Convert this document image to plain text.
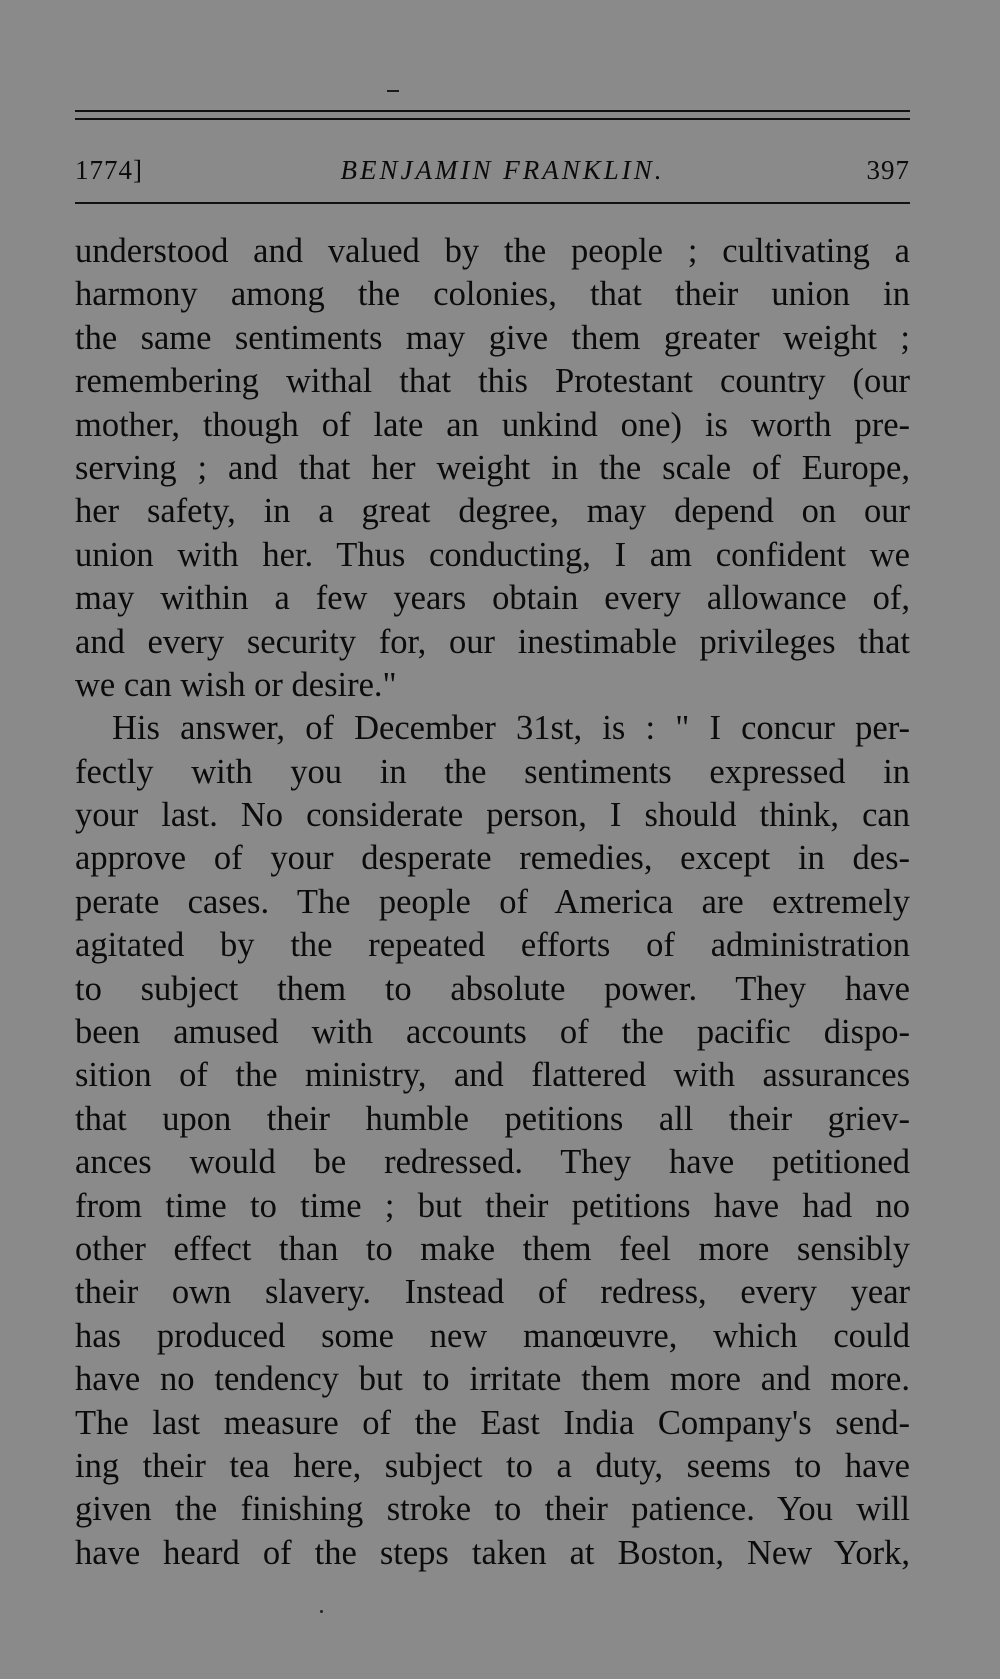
1774]	BENJAMIN FRANKLIN.	397
understood and valued by the people ; cultivating a
harmony among the colonies, that their union in
the same sentiments may give them greater weight ;
remembering withal that this Protestant country (our
mother, though of late an unkind one) is worth pre-
serving ; and that her weight in the scale of Europe,
her safety, in a great degree, may depend on our
union with her. Thus conducting, I am confident we
may within a few years obtain every allowance of,
and every security for, our inestimable privileges that
we can wish or desire."
His answer, of December 31st, is : " I concur per-
fectly with you in the sentiments expressed in
your last. No considerate person, I should think, can
approve of your desperate remedies, except in des-
perate cases. The people of America are extremely
agitated by the repeated efforts of administration
to subject them to absolute power. They have
been amused with accounts of the pacific dispo-
sition of the ministry, and flattered with assurances
that upon their humble petitions all their griev-
ances would be redressed. They have petitioned
from time to time ; but their petitions have had no
other effect than to make them feel more sensibly
their own slavery. Instead of redress, every year
has produced some new manœuvre, which could
have no tendency but to irritate them more and more.
The last measure of the East India Company's send-
ing their tea here, subject to a duty, seems to have
given the finishing stroke to their patience. You will
have heard of the steps taken at Boston, New York,
